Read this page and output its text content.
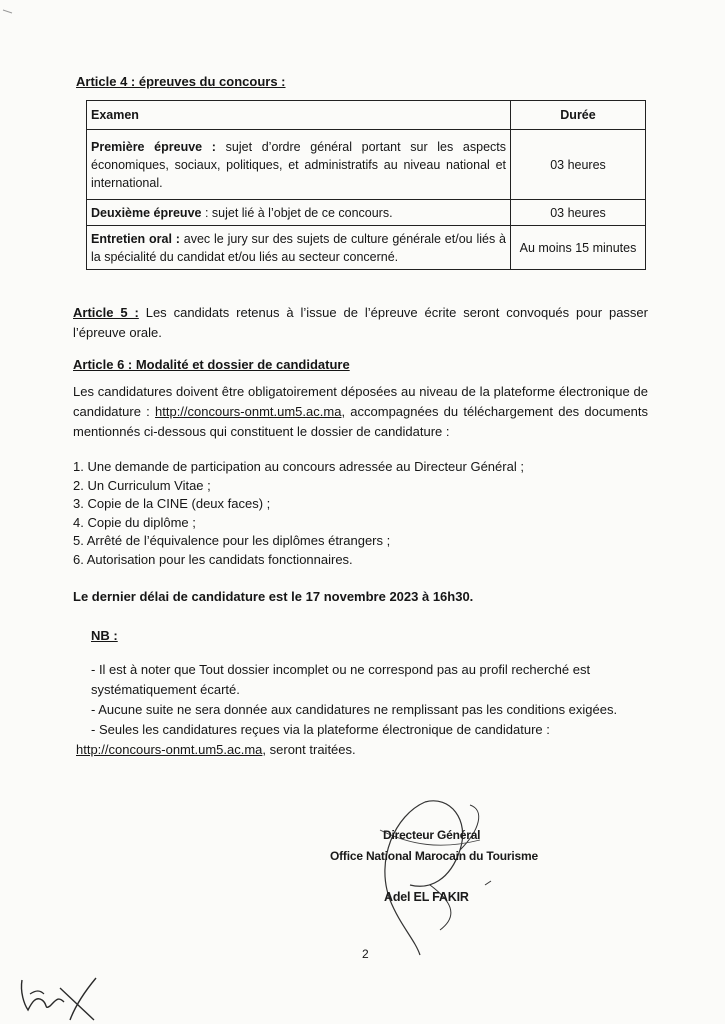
Article 4 : épreuves du concours :
Examen	Durée
Première épreuve : sujet d’ordre général portant sur les aspects économiques, sociaux, politiques, et administratifs au niveau national et international.	03 heures
Deuxième épreuve : sujet lié à l’objet de ce concours.	03 heures
Entretien oral : avec le jury sur des sujets de culture générale et/ou liés à la spécialité du candidat et/ou liés au secteur concerné.	Au moins 15 minutes

Article 5 : Les candidats retenus à l’issue de l’épreuve écrite seront convoqués pour passer l’épreuve orale.

Article 6 : Modalité et dossier de candidature

Les candidatures doivent être obligatoirement déposées au niveau de la plateforme électronique de candidature : http://concours-onmt.um5.ac.ma, accompagnées du téléchargement des documents mentionnés ci-dessous qui constituent le dossier de candidature :

1. Une demande de participation au concours adressée au Directeur Général ;
2. Un Curriculum Vitae ;
3. Copie de la CINE (deux faces) ;
4. Copie du diplôme ;
5. Arrêté de l’équivalence pour les diplômes étrangers ;
6. Autorisation pour les candidats fonctionnaires.
Le dernier délai de candidature est le 17 novembre 2023 à 16h30.
NB :

- Il est à noter que Tout dossier incomplet ou ne correspond pas au profil recherché est systématiquement écarté.

- Aucune suite ne sera donnée aux candidatures ne remplissant pas les conditions exigées.

- Seules les candidatures reçues via la plateforme électronique de candidature :

http://concours-onmt.um5.ac.ma, seront traitées.

Directeur Général
Office National Marocain du Tourisme
Adel EL FAKIR
2
